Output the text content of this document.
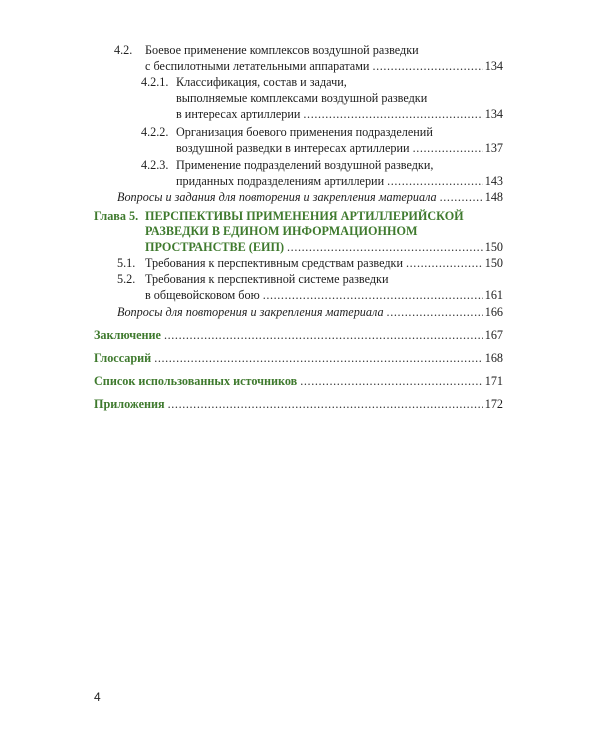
4.2. Боевое применение комплексов воздушной разведки
с беспилотными летательными аппаратами .....	134
4.2.1. Классификация, состав и задачи,
выполняемые комплексами воздушной разведки
в интересах артиллерии .....	134
4.2.2. Организация боевого применения подразделений
воздушной разведки в интересах артиллерии .....	137
4.2.3. Применение подразделений воздушной разведки,
приданных подразделениям артиллерии .....	143
Вопросы и задания для повторения и закрепления материала .....	148
Глава 5. ПЕРСПЕКТИВЫ ПРИМЕНЕНИЯ АРТИЛЛЕРИЙСКОЙ
РАЗВЕДКИ В ЕДИНОМ ИНФОРМАЦИОННОМ
ПРОСТРАНСТВЕ (ЕИП) .....	150
5.1. Требования к перспективным средствам разведки .....	150
5.2. Требования к перспективной системе разведки
в общевойсковом бою .....	161
Вопросы для повторения и закрепления материала .....	166
Заключение .....	167
Глоссарий .....	168
Список использованных источников .....	171
Приложения .....	172
4
